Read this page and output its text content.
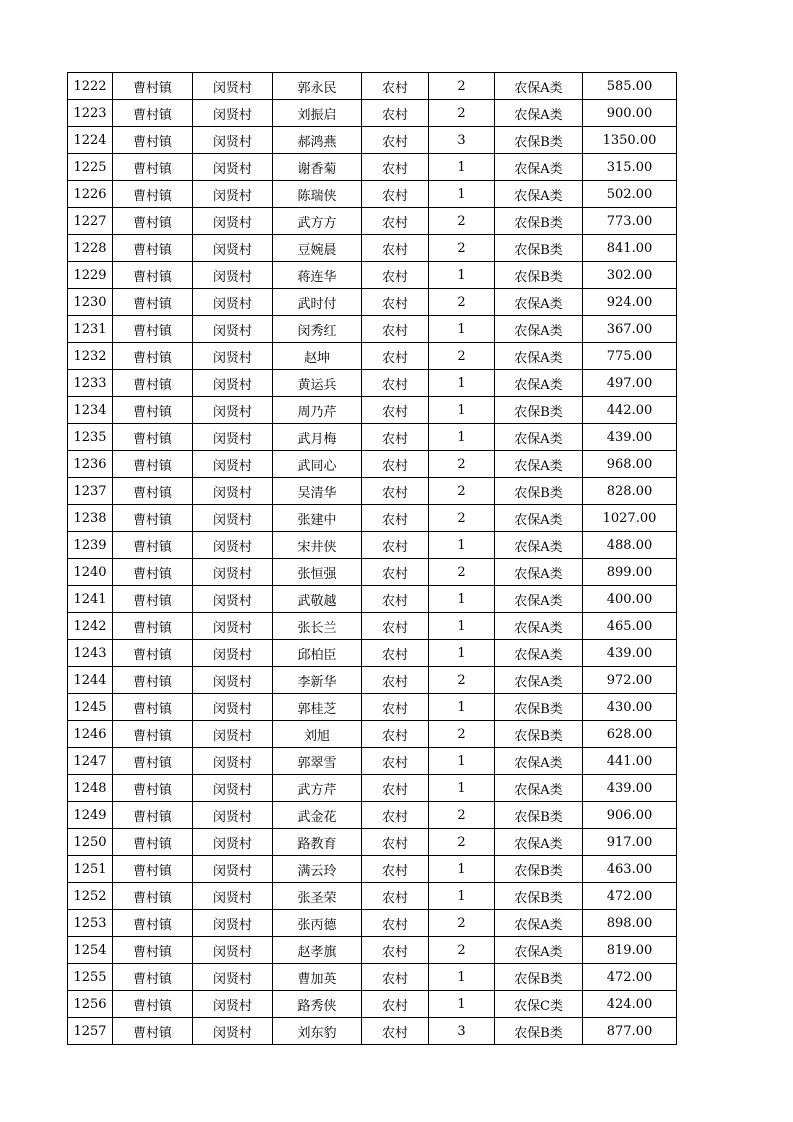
1222	曹村镇	闵贤村	郭永民	农村	2	农保A类	585.00
1223	曹村镇	闵贤村	刘振启	农村	2	农保A类	900.00
1224	曹村镇	闵贤村	郝鸿燕	农村	3	农保B类	1350.00
1225	曹村镇	闵贤村	谢香菊	农村	1	农保A类	315.00
1226	曹村镇	闵贤村	陈瑞侠	农村	1	农保A类	502.00
1227	曹村镇	闵贤村	武方方	农村	2	农保B类	773.00
1228	曹村镇	闵贤村	豆婉晨	农村	2	农保B类	841.00
1229	曹村镇	闵贤村	蒋连华	农村	1	农保B类	302.00
1230	曹村镇	闵贤村	武时付	农村	2	农保A类	924.00
1231	曹村镇	闵贤村	闵秀红	农村	1	农保A类	367.00
1232	曹村镇	闵贤村	赵坤	农村	2	农保A类	775.00
1233	曹村镇	闵贤村	黄运兵	农村	1	农保A类	497.00
1234	曹村镇	闵贤村	周乃芹	农村	1	农保B类	442.00
1235	曹村镇	闵贤村	武月梅	农村	1	农保A类	439.00
1236	曹村镇	闵贤村	武同心	农村	2	农保A类	968.00
1237	曹村镇	闵贤村	吴清华	农村	2	农保B类	828.00
1238	曹村镇	闵贤村	张建中	农村	2	农保A类	1027.00
1239	曹村镇	闵贤村	宋井侠	农村	1	农保A类	488.00
1240	曹村镇	闵贤村	张恒强	农村	2	农保A类	899.00
1241	曹村镇	闵贤村	武敬越	农村	1	农保A类	400.00
1242	曹村镇	闵贤村	张长兰	农村	1	农保A类	465.00
1243	曹村镇	闵贤村	邱柏臣	农村	1	农保A类	439.00
1244	曹村镇	闵贤村	李新华	农村	2	农保A类	972.00
1245	曹村镇	闵贤村	郭桂芝	农村	1	农保B类	430.00
1246	曹村镇	闵贤村	刘旭	农村	2	农保B类	628.00
1247	曹村镇	闵贤村	郭翠雪	农村	1	农保A类	441.00
1248	曹村镇	闵贤村	武方芹	农村	1	农保A类	439.00
1249	曹村镇	闵贤村	武金花	农村	2	农保B类	906.00
1250	曹村镇	闵贤村	路教育	农村	2	农保A类	917.00
1251	曹村镇	闵贤村	满云玲	农村	1	农保B类	463.00
1252	曹村镇	闵贤村	张圣荣	农村	1	农保B类	472.00
1253	曹村镇	闵贤村	张丙德	农村	2	农保A类	898.00
1254	曹村镇	闵贤村	赵孝旗	农村	2	农保A类	819.00
1255	曹村镇	闵贤村	曹加英	农村	1	农保B类	472.00
1256	曹村镇	闵贤村	路秀侠	农村	1	农保C类	424.00
1257	曹村镇	闵贤村	刘东豹	农村	3	农保B类	877.00
